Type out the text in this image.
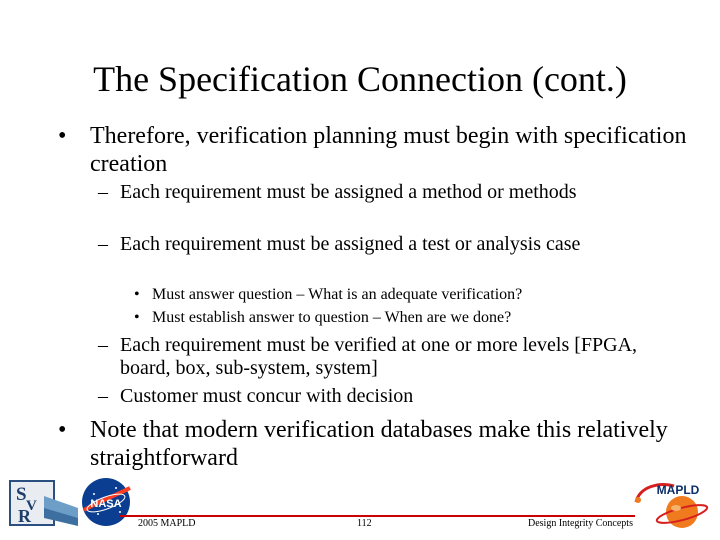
The Specification Connection (cont.)
• Therefore, verification planning must begin with specification creation
– Each requirement must be assigned a method or methods
– Each requirement must be assigned a test or analysis case
• Must answer question – What is an adequate verification?
• Must establish answer to question – When are we done?
– Each requirement must be verified at one or more levels [FPGA, board, box, sub-system, system]
– Customer must concur with decision
• Note that modern verification databases make this relatively straightforward
S
V
R
NASA
MAPLD
2005 MAPLD	112	Design Integrity Concepts
